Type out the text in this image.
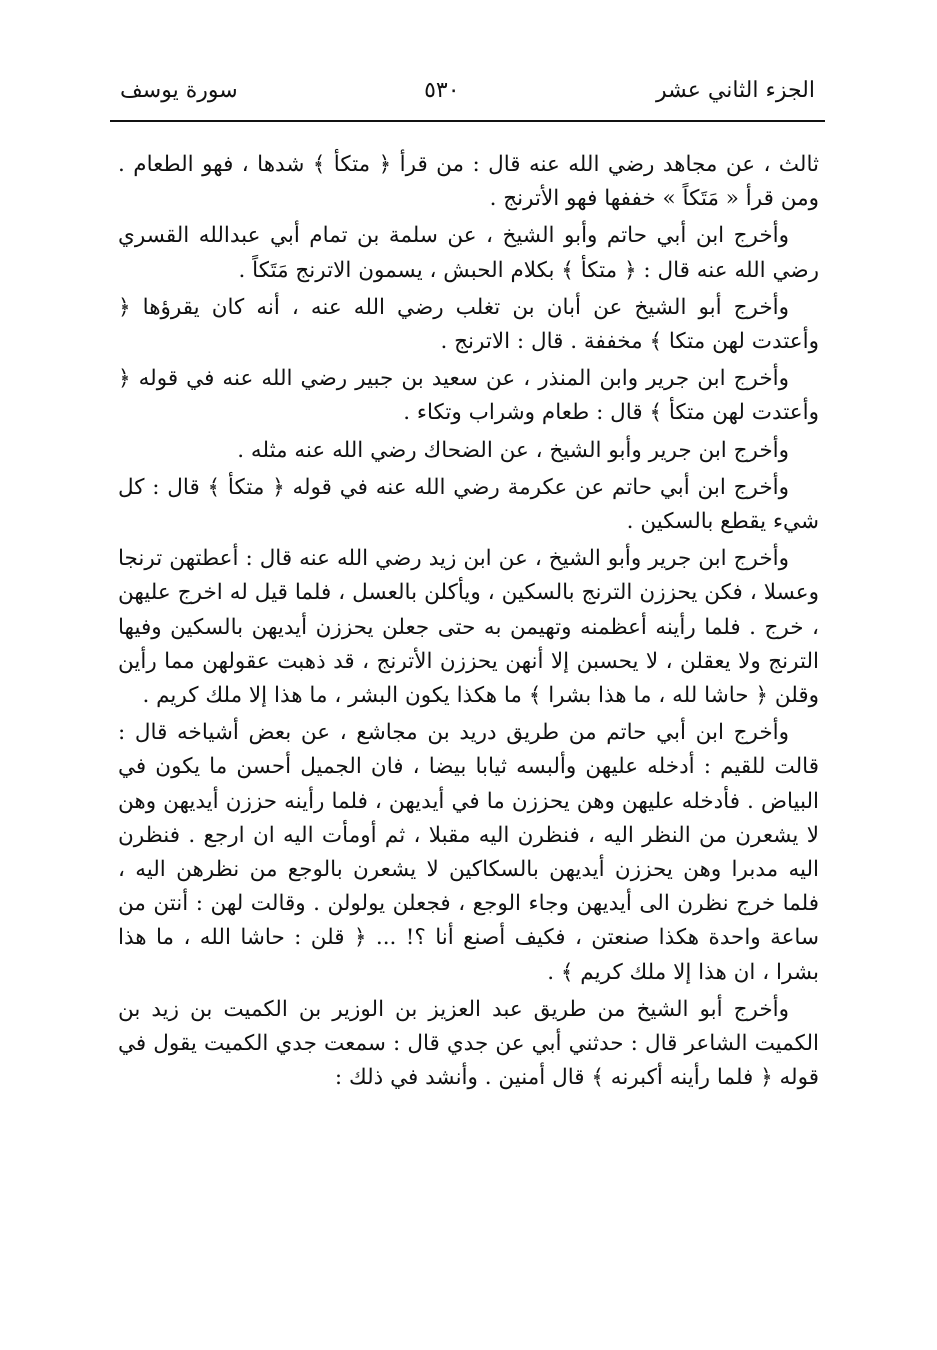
الجزء الثاني عشر
٥٣٠
سورة يوسف

ثالث ، عن مجاهد رضي الله عنه قال : من قرأ ﴿ متكأ ﴾ شدها ، فهو الطعام . ومن قرأ « مَتَكاً » خففها فهو الأترنج .

وأخرج ابن أبي حاتم وأبو الشيخ ، عن سلمة بن تمام أبي عبدالله القسري رضي الله عنه قال : ﴿ متكأ ﴾ بكلام الحبش ، يسمون الاترنج مَتَكاً .

وأخرج أبو الشيخ عن أبان بن تغلب رضي الله عنه ، أنه كان يقرؤها ﴿ وأعتدت لهن متكا ﴾ مخففة . قال : الاترنج .

وأخرج ابن جرير وابن المنذر ، عن سعيد بن جبير رضي الله عنه في قوله ﴿ وأعتدت لهن متكأ ﴾ قال : طعام وشراب وتكاء .

وأخرج ابن جرير وأبو الشيخ ، عن الضحاك رضي الله عنه مثله .

وأخرج ابن أبي حاتم عن عكرمة رضي الله عنه في قوله ﴿ متكأ ﴾ قال : كل شيء يقطع بالسكين .

وأخرج ابن جرير وأبو الشيخ ، عن ابن زيد رضي الله عنه قال : أعطتهن ترنجا وعسلا ، فكن يحززن الترنج بالسكين ، ويأكلن بالعسل ، فلما قيل له اخرج عليهن ، خرج . فلما رأينه أعظمنه وتهيمن به حتى جعلن يحززن أيديهن بالسكين وفيها الترنج ولا يعقلن ، لا يحسبن إلا أنهن يحززن الأترنج ، قد ذهبت عقولهن مما رأين وقلن ﴿ حاشا لله ، ما هذا بشرا ﴾ ما هكذا يكون البشر ، ما هذا إلا ملك كريم .

وأخرج ابن أبي حاتم من طريق دريد بن مجاشع ، عن بعض أشياخه قال : قالت للقيم : أدخله عليهن وألبسه ثيابا بيضا ، فان الجميل أحسن ما يكون في البياض . فأدخله عليهن وهن يحززن ما في أيديهن ، فلما رأينه حززن أيديهن وهن لا يشعرن من النظر اليه ، فنظرن اليه مقبلا ، ثم أومأت اليه ان ارجع . فنظرن اليه مدبرا وهن يحززن أيديهن بالسكاكين لا يشعرن بالوجع من نظرهن اليه ، فلما خرج نظرن الى أيديهن وجاء الوجع ، فجعلن يولولن . وقالت لهن : أنتن من ساعة واحدة هكذا صنعتن ، فكيف أصنع أنا ؟! ... ﴿ قلن : حاشا الله ، ما هذا بشرا ، ان هذا إلا ملك كريم ﴾ .

وأخرج أبو الشيخ من طريق عبد العزيز بن الوزير بن الكميت بن زيد بن الكميت الشاعر قال : حدثني أبي عن جدي قال : سمعت جدي الكميت يقول في قوله ﴿ فلما رأينه أكبرنه ﴾ قال أمنين . وأنشد في ذلك :
